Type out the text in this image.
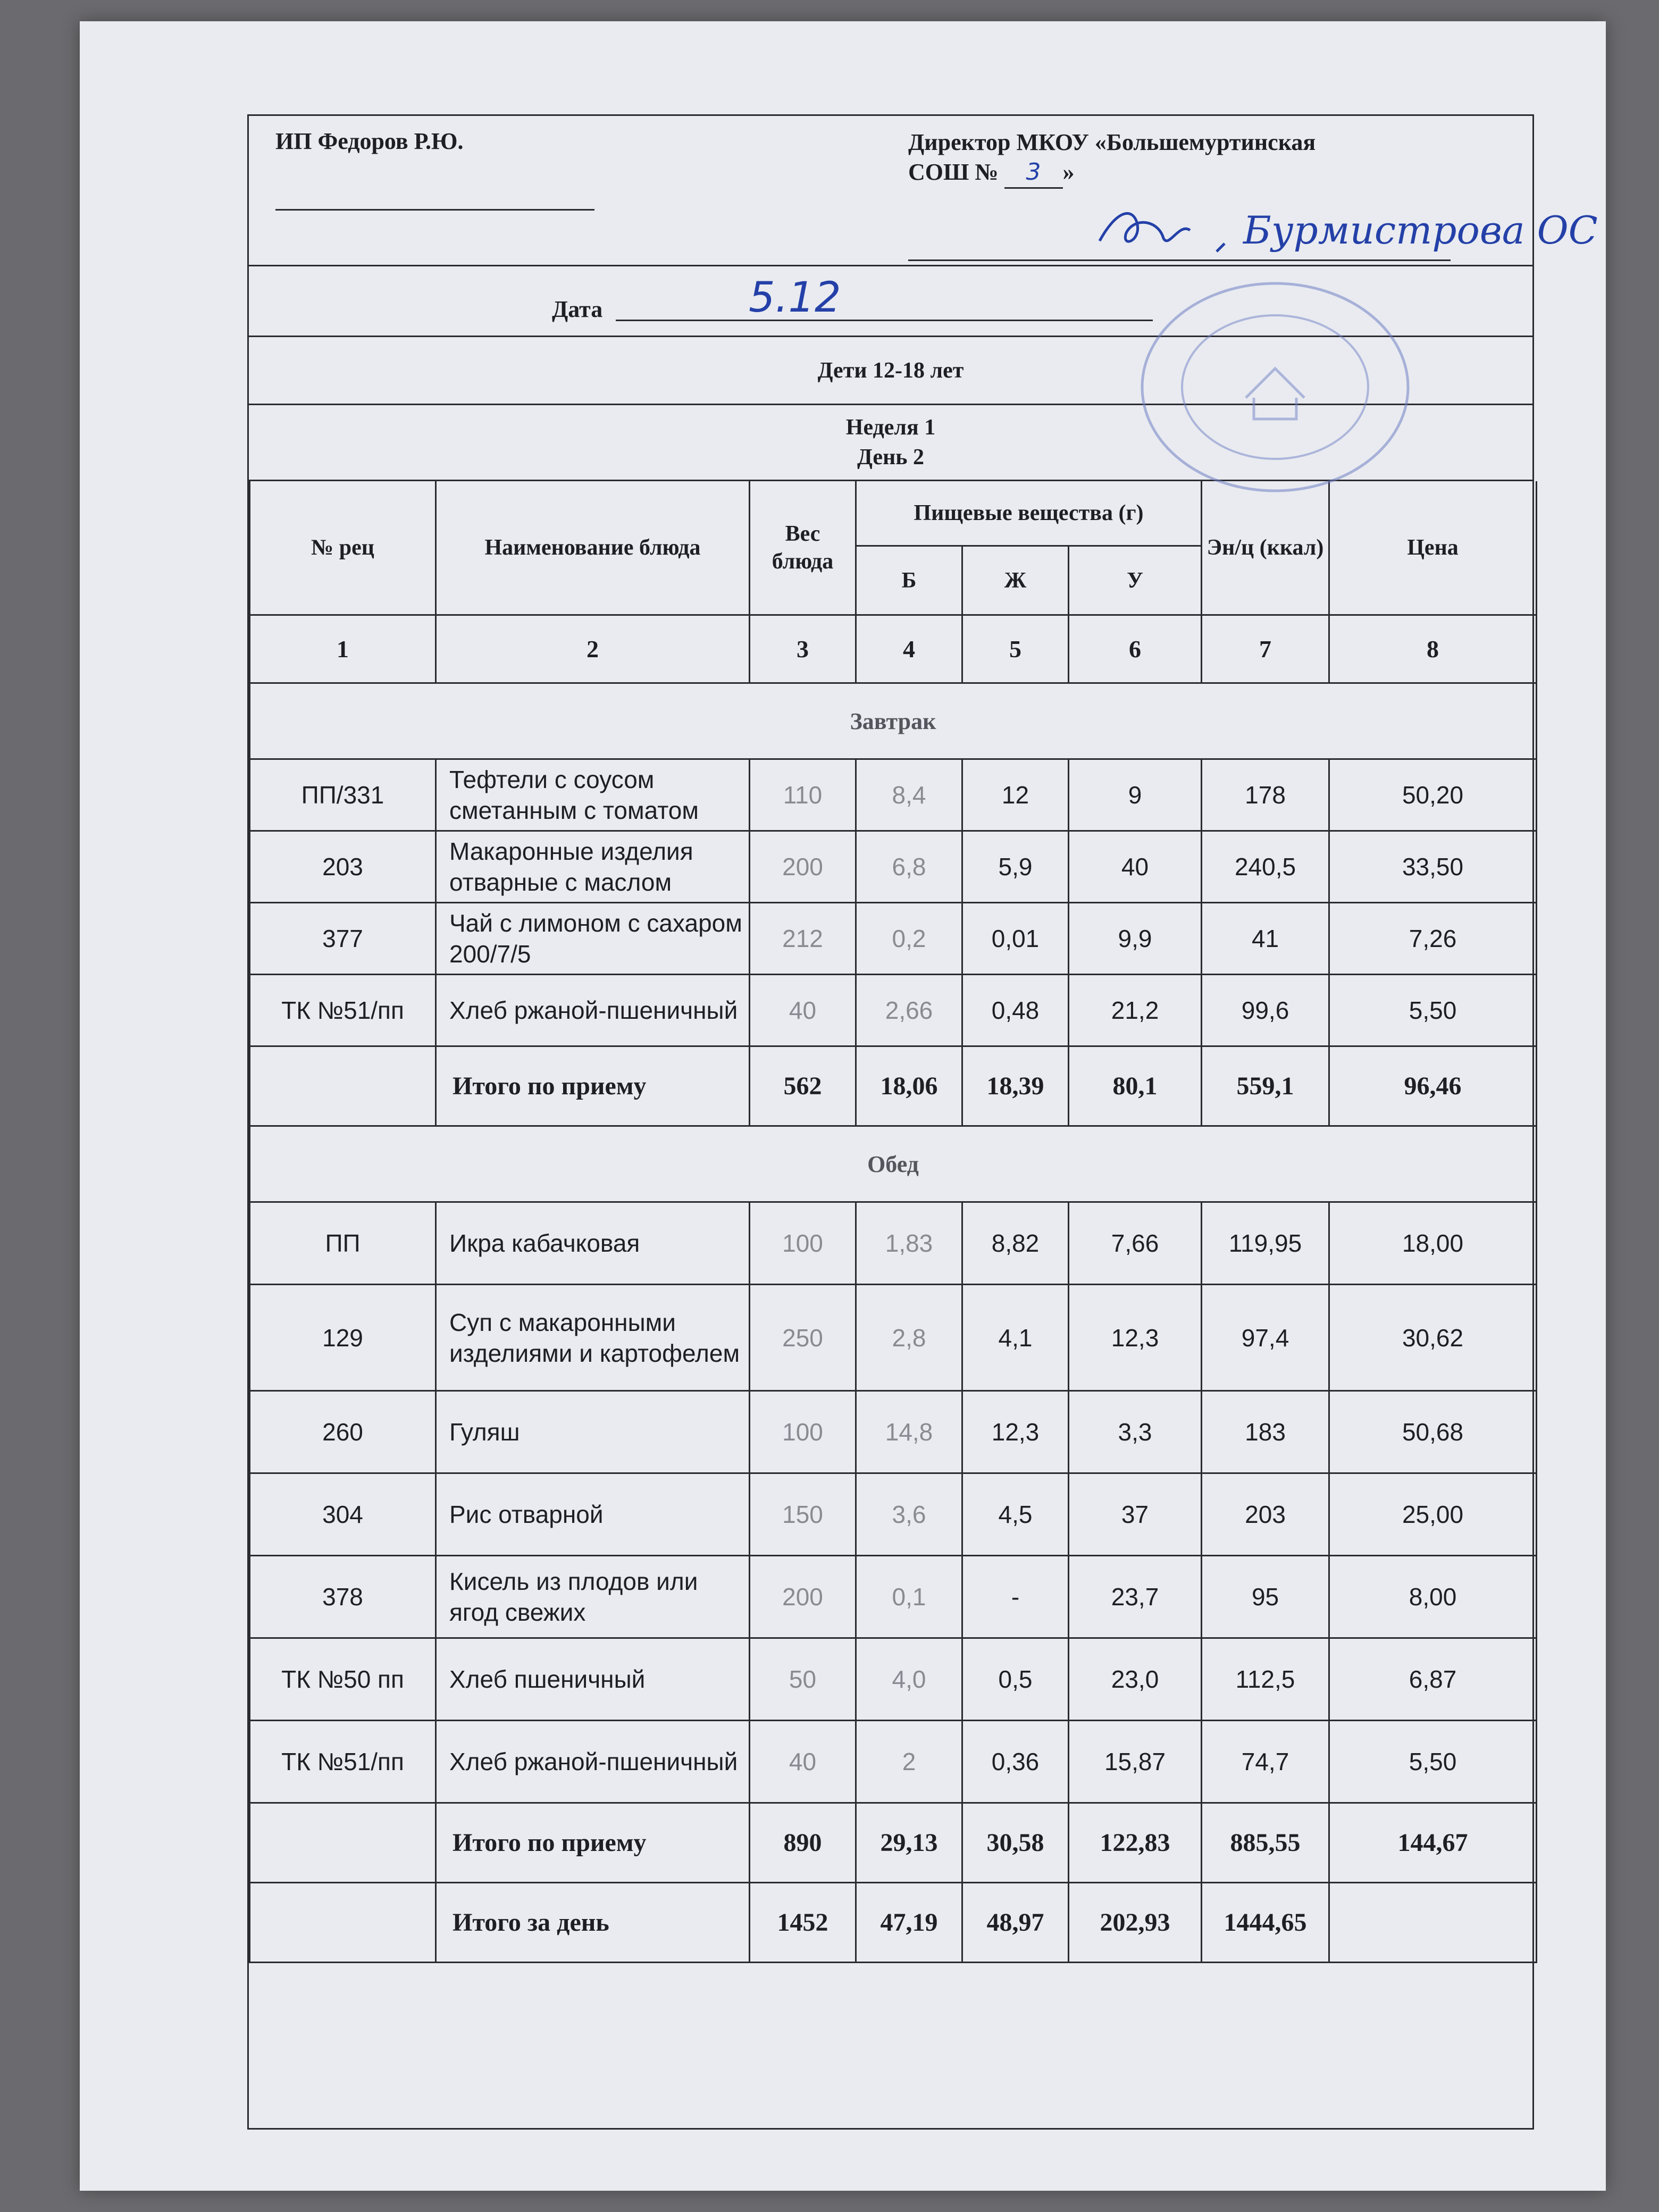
ИП Федоров Р.Ю.	Директор МКОУ «Большемуртинская
СОШ № 3 »
Бурмистрова ОС
Дата	5.12
Дети 12-18 лет
Неделя 1
День 2
№ рец	Наименование блюда	Вес блюда	Пищевые вещества (г)			Эн/ц (ккал)	Цена
			Б	Ж	У		
1	2	3	4	5	6	7	8
Завтрак							
ПП/331	Тефтели с соусом сметанным с томатом	110	8,4	12	9	178	50,20
203	Макаронные изделия отварные с маслом	200	6,8	5,9	40	240,5	33,50
377	Чай с лимоном с сахаром 200/7/5	212	0,2	0,01	9,9	41	7,26
ТК №51/пп	Хлеб ржаной-пшеничный	40	2,66	0,48	21,2	99,6	5,50
	Итого по приему	562	18,06	18,39	80,1	559,1	96,46
Обед							
ПП	Икра кабачковая	100	1,83	8,82	7,66	119,95	18,00
129	Суп с макаронными изделиями и картофелем	250	2,8	4,1	12,3	97,4	30,62
260	Гуляш	100	14,8	12,3	3,3	183	50,68
304	Рис отварной	150	3,6	4,5	37	203	25,00
378	Кисель из плодов или ягод свежих	200	0,1	-	23,7	95	8,00
ТК №50 пп	Хлеб пшеничный	50	4,0	0,5	23,0	112,5	6,87
ТК №51/пп	Хлеб ржаной-пшеничный	40	2	0,36	15,87	74,7	5,50
	Итого по приему	890	29,13	30,58	122,83	885,55	144,67
	Итого за день	1452	47,19	48,97	202,93	1444,65	
